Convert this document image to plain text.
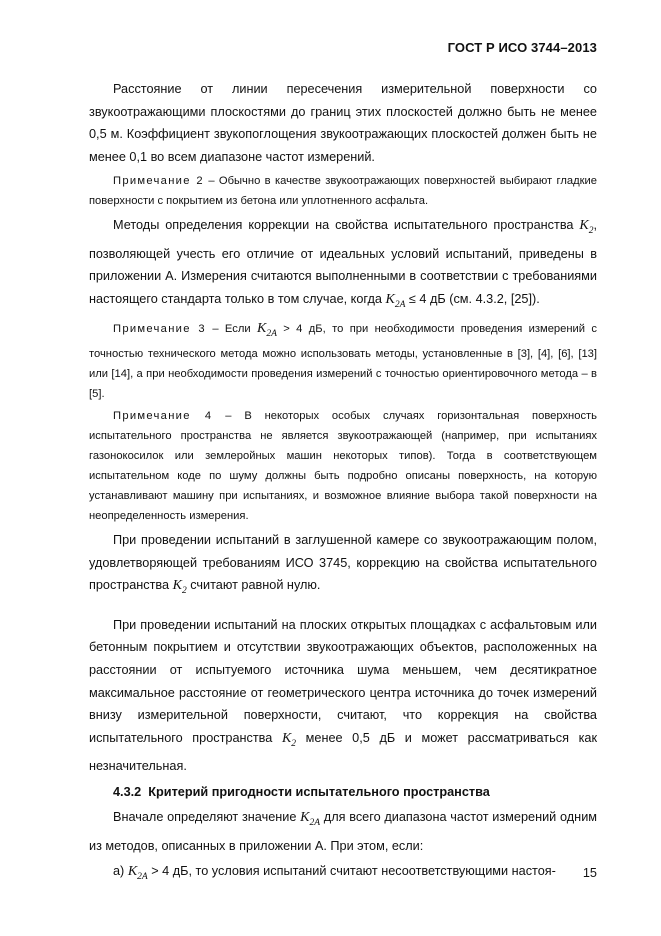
ГОСТ Р ИСО 3744–2013

Расстояние от линии пересечения измерительной поверхности со звукоотражающими плоскостями до границ этих плоскостей должно быть не менее 0,5 м. Коэффициент звукопоглощения звукоотражающих плоскостей должен быть не менее 0,1 во всем диапазоне частот измерений.

Примечание 2 – Обычно в качестве звукоотражающих поверхностей выбирают гладкие поверхности с покрытием из бетона или уплотненного асфальта.

Методы определения коррекции на свойства испытательного пространства $K_2$, позволяющей учесть его отличие от идеальных условий испытаний, приведены в приложении А. Измерения считаются выполненными в соответствии с требованиями настоящего стандарта только в том случае, когда $K_{2A} \le 4$ дБ (см. 4.3.2, [25]).

Примечание 3 – Если $K_{2A} > 4$ дБ, то при необходимости проведения измерений с точностью технического метода можно использовать методы, установленные в [3], [4], [6], [13] или [14], а при необходимости проведения измерений с точностью ориентировочного метода – в [5].

Примечание 4 – В некоторых особых случаях горизонтальная поверхность испытательного пространства не является звукоотражающей (например, при испытаниях газонокосилок или землеройных машин некоторых типов). Тогда в соответствующем испытательном коде по шуму должны быть подробно описаны поверхность, на которую устанавливают машину при испытаниях, и возможное влияние выбора такой поверхности на неопределенность измерения.

При проведении испытаний в заглушенной камере со звукоотражающим полом, удовлетворяющей требованиям ИСО 3745, коррекцию на свойства испытательного пространства $K_2$ считают равной нулю.

При проведении испытаний на плоских открытых площадках с асфальтовым или бетонным покрытием и отсутствии звукоотражающих объектов, расположенных на расстоянии от испытуемого источника шума меньшем, чем десятикратное максимальное расстояние от геометрического центра источника до точек измерений внизу измерительной поверхности, считают, что коррекция на свойства испытательного пространства $K_2$ менее 0,5 дБ и может рассматриваться как незначительная.

4.3.2 Критерий пригодности испытательного пространства

Вначале определяют значение $K_{2A}$ для всего диапазона частот измерений одним из методов, описанных в приложении А. При этом, если:

а) $K_{2A} > 4$ дБ, то условия испытаний считают несоответствующими настоя-	15
